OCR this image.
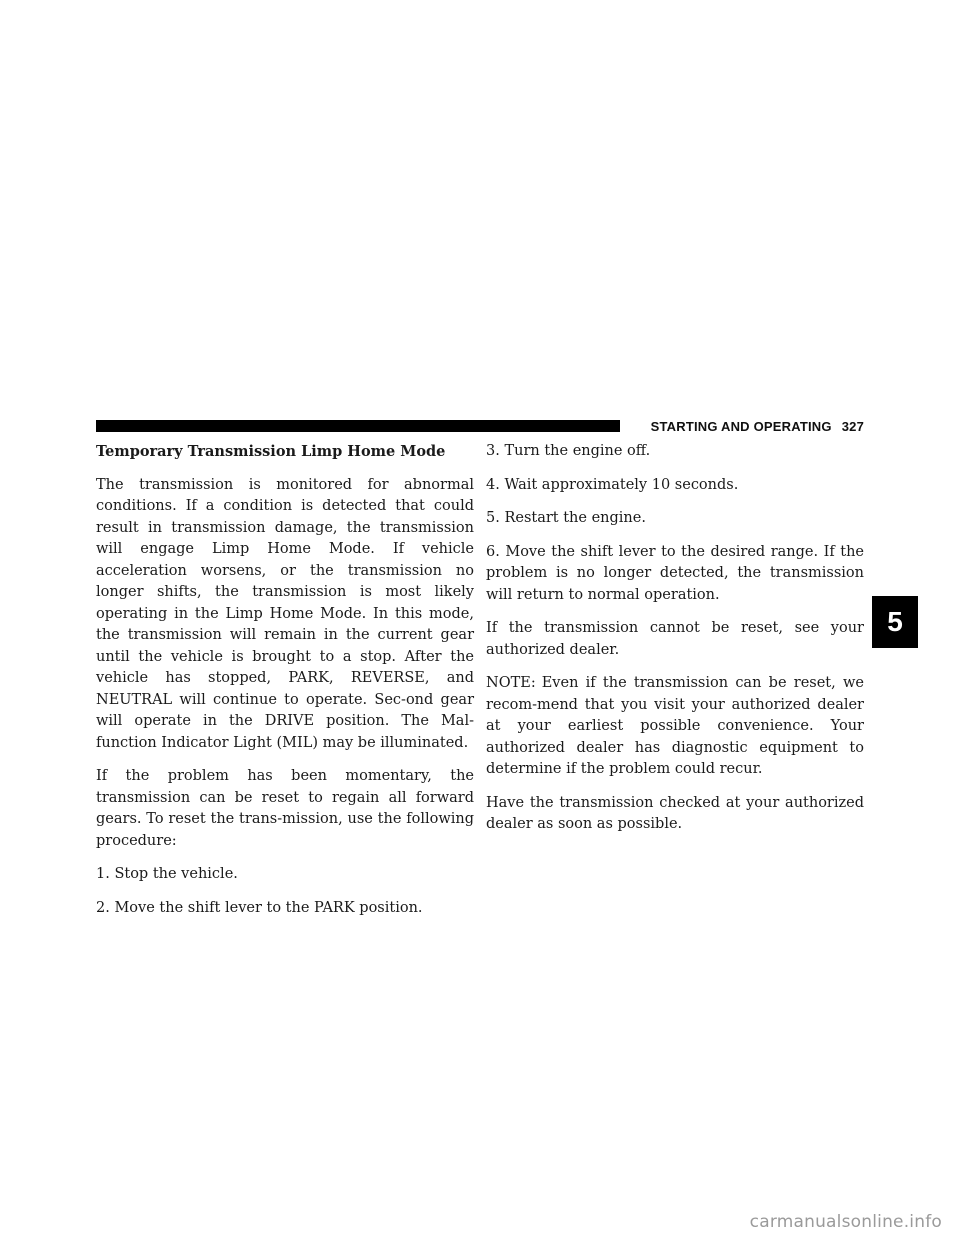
STARTING AND OPERATING 327

Temporary Transmission Limp Home Mode

The transmission is monitored for abnormal conditions. If a condition is detected that could result in transmission damage, the transmission will engage Limp Home Mode. If vehicle acceleration worsens, or the transmission no longer shifts, the transmission is most likely operating in the Limp Home Mode. In this mode, the transmission will remain in the current gear until the vehicle is brought to a stop. After the vehicle has stopped, PARK, REVERSE, and NEUTRAL will continue to operate. Sec-ond gear will operate in the DRIVE position. The Mal-function Indicator Light (MIL) may be illuminated.

If the problem has been momentary, the transmission can be reset to regain all forward gears. To reset the trans-mission, use the following procedure:

1. Stop the vehicle.

2. Move the shift lever to the PARK position.

3. Turn the engine off.

4. Wait approximately 10 seconds.

5. Restart the engine.

6. Move the shift lever to the desired range. If the problem is no longer detected, the transmission will return to normal operation.

If the transmission cannot be reset, see your authorized dealer.

NOTE: Even if the transmission can be reset, we recom-mend that you visit your authorized dealer at your earliest possible convenience. Your authorized dealer has diagnostic equipment to determine if the problem could recur.

Have the transmission checked at your authorized dealer as soon as possible.

5
carmanualsonline.info
